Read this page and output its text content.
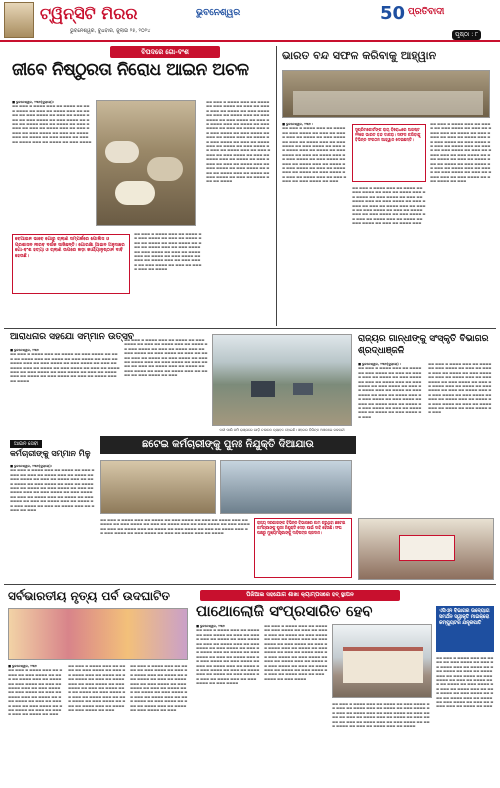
ଟ୍ୱିନ୍‌ସିଟି ମିରର	ଭୁବନେଶ୍ୱର
ଭୁବନେଶ୍ୱର, ବୁଧବାର, ଜୁଲାଇ ୨୫, ୨୦୨୪
50 ପ୍ରତିବାଦୀ
ପୃଷ୍ଠା : ୮
ବିପଦରେ ଗୋ-ବଂଶ
ଜୀବେ ନିଷ୍ଠୁରତା ନିରୋଧ ଆଇନ ଅଚଳ
■ ଭୁବନେଶ୍ୱର, ୨୩ା୭(ବ୍ୟୁରୋ):
▬▬ ▬▬▬ ▬ ▬▬▬▬ ▬▬▬ ▬▬ ▬▬▬▬ ▬▬ ▬▬▬ ▬▬▬▬ ▬▬ ▬▬▬ ▬▬ ▬▬▬▬ ▬▬▬ ▬▬ ▬▬▬▬ ▬▬ ▬▬▬ ▬▬▬▬ ▬▬ ▬▬▬ ▬▬ ▬▬▬▬ ▬▬▬ ▬▬ ▬▬▬ ▬▬▬▬ ▬▬ ▬▬▬ ▬▬▬▬ ▬▬ ▬▬▬ ▬▬ ▬▬▬▬ ▬▬▬ ▬▬ ▬▬▬▬ ▬▬ ▬▬▬ ▬▬▬▬ ▬▬ ▬▬▬ ▬▬ ▬▬▬▬ ▬▬▬ ▬▬ ▬▬▬ ▬▬▬▬ ▬▬ ▬▬▬ ▬▬▬▬ ▬▬ ▬▬▬ ▬▬ ▬▬▬▬ ▬▬▬ ▬▬ ▬▬▬▬ ▬▬ ▬▬▬ ▬▬▬▬ ▬▬ ▬▬▬ ▬▬ ▬▬▬▬ ▬▬▬ ▬▬ ▬▬▬▬ ▬▬ ▬▬▬ ▬▬▬▬
ବେଆଇନ ଭାବେ ଗୋରୁ ଚାଲାଣ ସମ୍ପର୍କରେ ପୋଲିସ ଓ ପ୍ରଶାସନ ନୀରବ ଦର୍ଶକ ସାଜିଛନ୍ତି। ଗୋରକ୍ଷା ଆଇନ ଅନୁସାରେ ଗୋ-ବଂଶ ହତ୍ୟା ଓ ଚାଲାଣ ଉପରେ କଡ଼ା କାର୍ଯ୍ୟାନୁଷ୍ଠାନ ଦାବି ହେଉଛି।
▬▬ ▬▬▬ ▬ ▬▬▬▬ ▬▬▬ ▬▬ ▬▬▬▬ ▬▬ ▬▬▬ ▬▬▬▬ ▬▬ ▬▬▬ ▬▬ ▬▬▬▬ ▬▬▬ ▬▬ ▬▬▬▬ ▬▬ ▬▬▬ ▬▬▬▬ ▬▬ ▬▬▬ ▬▬ ▬▬▬▬ ▬▬▬ ▬▬ ▬▬▬ ▬▬▬▬ ▬▬ ▬▬▬ ▬▬▬▬ ▬▬ ▬▬▬ ▬▬ ▬▬▬▬ ▬▬▬ ▬▬ ▬▬▬▬ ▬▬ ▬▬▬ ▬▬▬▬ ▬▬ ▬▬▬ ▬▬ ▬▬▬▬ ▬▬▬ ▬▬ ▬▬▬ ▬▬▬▬ ▬▬ ▬▬▬ ▬▬▬▬ ▬▬ ▬▬▬ ▬▬ ▬▬▬▬ ▬▬▬ ▬▬ ▬▬▬▬
▬▬ ▬▬▬ ▬ ▬▬▬▬ ▬▬▬ ▬▬ ▬▬▬▬ ▬▬ ▬▬▬ ▬▬▬▬ ▬▬ ▬▬▬ ▬▬ ▬▬▬▬ ▬▬▬ ▬▬ ▬▬▬▬ ▬▬ ▬▬▬ ▬▬▬▬ ▬▬ ▬▬▬ ▬▬ ▬▬▬▬ ▬▬▬ ▬▬ ▬▬▬ ▬▬▬▬ ▬▬ ▬▬▬ ▬▬▬▬ ▬▬ ▬▬▬ ▬▬ ▬▬▬▬ ▬▬▬ ▬▬ ▬▬▬▬ ▬▬ ▬▬▬ ▬▬▬▬ ▬▬ ▬▬▬ ▬▬ ▬▬▬▬ ▬▬▬ ▬▬ ▬▬▬ ▬▬▬▬ ▬▬ ▬▬▬ ▬▬▬▬ ▬▬ ▬▬▬ ▬▬ ▬▬▬▬ ▬▬▬ ▬▬ ▬▬▬▬ ▬▬ ▬▬▬ ▬▬▬▬ ▬▬ ▬▬▬ ▬▬ ▬▬▬▬ ▬▬▬ ▬▬ ▬▬▬▬ ▬▬ ▬▬▬ ▬▬▬▬ ▬▬ ▬▬▬ ▬▬ ▬▬▬▬ ▬▬▬ ▬▬ ▬▬▬ ▬▬▬▬ ▬▬ ▬▬▬ ▬▬▬▬ ▬▬ ▬▬▬ ▬▬ ▬▬▬▬ ▬▬▬ ▬▬ ▬▬▬▬ ▬▬ ▬▬▬ ▬▬▬▬ ▬▬ ▬▬▬ ▬▬ ▬▬▬▬ ▬▬▬ ▬▬ ▬▬▬ ▬▬▬▬ ▬▬ ▬▬▬ ▬▬▬▬ ▬▬ ▬▬▬ ▬▬ ▬▬▬▬ ▬▬▬ ▬▬ ▬▬▬▬ ▬▬ ▬▬▬ ▬▬▬▬ ▬▬ ▬▬▬ ▬▬ ▬▬▬▬ ▬▬▬ ▬▬ ▬▬▬▬
ଭାରତ ବନ୍ଦ ସଫଳ କରିବାକୁ ଆହ୍ୱାନ
■ ଭୁବନେଶ୍ୱର, ୨୩ା୭ :
▬▬ ▬▬▬ ▬ ▬▬▬▬ ▬▬▬ ▬▬ ▬▬▬▬ ▬▬ ▬▬▬ ▬▬▬▬ ▬▬ ▬▬▬ ▬▬ ▬▬▬▬ ▬▬▬ ▬▬ ▬▬▬▬ ▬▬ ▬▬▬ ▬▬▬▬ ▬▬ ▬▬▬ ▬▬ ▬▬▬▬ ▬▬▬ ▬▬ ▬▬▬ ▬▬▬▬ ▬▬ ▬▬▬ ▬▬▬▬ ▬▬ ▬▬▬ ▬▬ ▬▬▬▬ ▬▬▬ ▬▬ ▬▬▬▬ ▬▬ ▬▬▬ ▬▬▬▬ ▬▬ ▬▬▬ ▬▬ ▬▬▬▬ ▬▬▬ ▬▬ ▬▬▬ ▬▬▬▬ ▬▬ ▬▬▬ ▬▬▬▬ ▬▬ ▬▬▬ ▬▬ ▬▬▬▬ ▬▬▬ ▬▬ ▬▬▬▬ ▬▬ ▬▬▬ ▬▬▬▬ ▬▬ ▬▬▬ ▬▬ ▬▬▬▬ ▬▬▬ ▬▬ ▬▬▬▬ ▬▬ ▬▬▬ ▬▬▬▬ ▬▬ ▬▬▬ ▬▬ ▬▬▬▬ ▬▬▬ ▬▬ ▬▬▬ ▬▬▬▬ ▬▬ ▬▬▬ ▬▬▬▬ ▬▬ ▬▬▬
ସୁପ୍ରିମକୋର୍ଟଙ୍କ ରାୟ ବିରୋଧରେ ଅଗଷ୍ଟ ୨୧ରେ ଭାରତ ବନ୍ଦ ଡାକରା। ସଫଳ କରିବାକୁ ବିଭିନ୍ନ ସଂଗଠନ ଆହ୍ୱାନ ଦେଇଛନ୍ତି।
▬▬ ▬▬▬ ▬ ▬▬▬▬ ▬▬▬ ▬▬ ▬▬▬▬ ▬▬ ▬▬▬ ▬▬▬▬ ▬▬ ▬▬▬ ▬▬ ▬▬▬▬ ▬▬▬ ▬▬ ▬▬▬▬ ▬▬ ▬▬▬ ▬▬▬▬ ▬▬ ▬▬▬ ▬▬ ▬▬▬▬ ▬▬▬ ▬▬ ▬▬▬ ▬▬▬▬ ▬▬ ▬▬▬ ▬▬▬▬ ▬▬ ▬▬▬ ▬▬ ▬▬▬▬ ▬▬▬ ▬▬ ▬▬▬▬ ▬▬ ▬▬▬ ▬▬▬▬ ▬▬ ▬▬▬ ▬▬ ▬▬▬▬ ▬▬▬ ▬▬ ▬▬▬ ▬▬▬▬ ▬▬ ▬▬▬ ▬▬▬▬ ▬▬ ▬▬▬ ▬▬ ▬▬▬▬ ▬▬▬ ▬▬ ▬▬▬▬ ▬▬ ▬▬▬ ▬▬▬▬ ▬▬ ▬▬▬ ▬▬ ▬▬▬▬ ▬▬▬
▬▬ ▬▬▬ ▬ ▬▬▬▬ ▬▬▬ ▬▬ ▬▬▬▬ ▬▬ ▬▬▬ ▬▬▬▬ ▬▬ ▬▬▬ ▬▬ ▬▬▬▬ ▬▬▬ ▬▬ ▬▬▬▬ ▬▬ ▬▬▬ ▬▬▬▬ ▬▬ ▬▬▬ ▬▬ ▬▬▬▬ ▬▬▬ ▬▬ ▬▬▬ ▬▬▬▬ ▬▬ ▬▬▬ ▬▬▬▬ ▬▬ ▬▬▬ ▬▬ ▬▬▬▬ ▬▬▬ ▬▬ ▬▬▬▬ ▬▬ ▬▬▬ ▬▬▬▬ ▬▬ ▬▬▬ ▬▬ ▬▬▬▬ ▬▬▬ ▬▬ ▬▬▬ ▬▬▬▬ ▬▬ ▬▬▬ ▬▬▬▬ ▬▬ ▬▬▬ ▬▬ ▬▬▬▬ ▬▬▬ ▬▬ ▬▬▬▬ ▬▬ ▬▬▬ ▬▬▬▬ ▬▬ ▬▬▬ ▬▬ ▬▬▬▬ ▬▬▬ ▬▬ ▬▬▬▬ ▬▬ ▬▬▬ ▬▬▬▬ ▬▬ ▬▬▬ ▬▬ ▬▬▬▬ ▬▬▬ ▬▬ ▬▬▬ ▬▬▬▬ ▬▬ ▬▬▬ ▬▬▬▬ ▬▬ ▬▬▬
ଆରାଧନାର ସହଯୋ ସମ୍ମାନ ଉତ୍ସବ
■ ଭୁବନେଶ୍ୱର, ୨୩ା୭
▬▬ ▬▬▬ ▬ ▬▬▬▬ ▬▬▬ ▬▬ ▬▬▬▬ ▬▬ ▬▬▬ ▬▬▬▬ ▬▬ ▬▬▬ ▬▬ ▬▬▬▬ ▬▬▬ ▬▬ ▬▬▬▬ ▬▬ ▬▬▬ ▬▬▬▬ ▬▬ ▬▬▬ ▬▬ ▬▬▬▬ ▬▬▬ ▬▬ ▬▬▬ ▬▬▬▬ ▬▬ ▬▬▬ ▬▬▬▬ ▬▬ ▬▬▬ ▬▬ ▬▬▬▬ ▬▬▬ ▬▬ ▬▬▬▬ ▬▬ ▬▬▬ ▬▬▬▬ ▬▬ ▬▬▬ ▬▬ ▬▬▬▬ ▬▬▬ ▬▬ ▬▬▬ ▬▬▬▬ ▬▬ ▬▬▬ ▬▬▬▬ ▬▬ ▬▬▬ ▬▬ ▬▬▬▬ ▬▬▬ ▬▬ ▬▬▬▬ ▬▬ ▬▬▬ ▬▬▬▬ ▬▬ ▬▬▬ ▬▬ ▬▬▬▬ ▬▬▬ ▬▬ ▬▬▬▬
▬▬ ▬▬▬ ▬ ▬▬▬▬ ▬▬▬ ▬▬ ▬▬▬▬ ▬▬ ▬▬▬ ▬▬▬▬ ▬▬ ▬▬▬ ▬▬ ▬▬▬▬ ▬▬▬ ▬▬ ▬▬▬▬ ▬▬ ▬▬▬ ▬▬▬▬ ▬▬ ▬▬▬ ▬▬ ▬▬▬▬ ▬▬▬ ▬▬ ▬▬▬ ▬▬▬▬ ▬▬ ▬▬▬ ▬▬▬▬ ▬▬ ▬▬▬ ▬▬ ▬▬▬▬ ▬▬▬ ▬▬ ▬▬▬▬ ▬▬ ▬▬▬ ▬▬▬▬ ▬▬ ▬▬▬ ▬▬ ▬▬▬▬ ▬▬▬ ▬▬ ▬▬▬ ▬▬▬▬ ▬▬ ▬▬▬ ▬▬▬▬ ▬▬ ▬▬▬ ▬▬ ▬▬▬▬ ▬▬▬ ▬▬ ▬▬▬▬ ▬▬ ▬▬▬ ▬▬▬▬ ▬▬ ▬▬▬ ▬▬ ▬▬▬▬ ▬▬▬ ▬▬ ▬▬▬▬ ▬▬ ▬▬▬ ▬▬▬▬ ▬▬ ▬▬▬
ନଦୀ ପାଣି ଜମି ରାସ୍ତାରେ ଗାଡ଼ି ଚଳାଚଳ ବ୍ୟାହତ ହୋଇଛି। ସହରର ବିଭିନ୍ନ ଅଞ୍ଚଳରେ ଜଳବନ୍ଦୀ
ରାଜ୍ୟର ଗାନ୍ଧୀଙ୍କୁ ସଂସ୍କୃତି ବିଭାଗର ଶ୍ରଦ୍ଧାଞ୍ଜଳି
■ ଭୁବନେଶ୍ୱର, ୨୩ା୭(ବ୍ୟୁରୋ) :
▬▬ ▬▬▬ ▬ ▬▬▬▬ ▬▬▬ ▬▬ ▬▬▬▬ ▬▬ ▬▬▬ ▬▬▬▬ ▬▬ ▬▬▬ ▬▬ ▬▬▬▬ ▬▬▬ ▬▬ ▬▬▬▬ ▬▬ ▬▬▬ ▬▬▬▬ ▬▬ ▬▬▬ ▬▬ ▬▬▬▬ ▬▬▬ ▬▬ ▬▬▬ ▬▬▬▬ ▬▬ ▬▬▬ ▬▬▬▬ ▬▬ ▬▬▬ ▬▬ ▬▬▬▬ ▬▬▬ ▬▬ ▬▬▬▬ ▬▬ ▬▬▬ ▬▬▬▬ ▬▬ ▬▬▬ ▬▬ ▬▬▬▬ ▬▬▬ ▬▬ ▬▬▬ ▬▬▬▬ ▬▬ ▬▬▬ ▬▬▬▬ ▬▬ ▬▬▬ ▬▬ ▬▬▬▬ ▬▬▬ ▬▬ ▬▬▬▬ ▬▬ ▬▬▬ ▬▬▬▬ ▬▬ ▬▬▬ ▬▬ ▬▬▬▬ ▬▬▬ ▬▬ ▬▬▬▬ ▬▬ ▬▬▬ ▬▬▬▬ ▬▬ ▬▬▬
▬▬ ▬▬▬ ▬ ▬▬▬▬ ▬▬▬ ▬▬ ▬▬▬▬ ▬▬ ▬▬▬ ▬▬▬▬ ▬▬ ▬▬▬ ▬▬ ▬▬▬▬ ▬▬▬ ▬▬ ▬▬▬▬ ▬▬ ▬▬▬ ▬▬▬▬ ▬▬ ▬▬▬ ▬▬ ▬▬▬▬ ▬▬▬ ▬▬ ▬▬▬ ▬▬▬▬ ▬▬ ▬▬▬ ▬▬▬▬ ▬▬ ▬▬▬ ▬▬ ▬▬▬▬ ▬▬▬ ▬▬ ▬▬▬▬ ▬▬ ▬▬▬ ▬▬▬▬ ▬▬ ▬▬▬ ▬▬ ▬▬▬▬ ▬▬▬ ▬▬ ▬▬▬ ▬▬▬▬ ▬▬ ▬▬▬ ▬▬▬▬ ▬▬ ▬▬▬ ▬▬ ▬▬▬▬ ▬▬▬ ▬▬ ▬▬▬▬ ▬▬ ▬▬▬ ▬▬▬▬ ▬▬ ▬▬▬ ▬▬ ▬▬▬▬ ▬▬▬ ▬▬ ▬▬▬▬ ▬▬ ▬▬▬ ▬▬▬▬ ▬▬ ▬▬▬
ଛଟେଇ କର୍ମଚାରୀଙ୍କୁ ପୁନଃ ନିଯୁକ୍ତି ଦିଆଯାଉ
ଆଇନ ସେବୀ
କର୍ମଚାରୀଙ୍କୁ ସମ୍ମାନ ମିଳୁ
■ ଭୁବନେଶ୍ୱର, ୨୩ା୭(ବ୍ୟୁରୋ):
▬▬ ▬▬▬ ▬ ▬▬▬▬ ▬▬▬ ▬▬ ▬▬▬▬ ▬▬ ▬▬▬ ▬▬▬▬ ▬▬ ▬▬▬ ▬▬ ▬▬▬▬ ▬▬▬ ▬▬ ▬▬▬▬ ▬▬ ▬▬▬ ▬▬▬▬ ▬▬ ▬▬▬ ▬▬ ▬▬▬▬ ▬▬▬ ▬▬ ▬▬▬ ▬▬▬▬ ▬▬ ▬▬▬ ▬▬▬▬ ▬▬ ▬▬▬ ▬▬ ▬▬▬▬ ▬▬▬ ▬▬ ▬▬▬▬ ▬▬ ▬▬▬ ▬▬▬▬ ▬▬ ▬▬▬ ▬▬ ▬▬▬▬ ▬▬▬ ▬▬ ▬▬▬ ▬▬▬▬ ▬▬ ▬▬▬ ▬▬▬▬ ▬▬ ▬▬▬ ▬▬ ▬▬▬▬ ▬▬▬ ▬▬ ▬▬▬▬ ▬▬ ▬▬▬ ▬▬▬▬ ▬▬ ▬▬▬ ▬▬ ▬▬▬▬ ▬▬▬ ▬▬ ▬▬▬▬ ▬▬ ▬▬▬ ▬▬▬▬ ▬▬ ▬▬▬ ▬▬ ▬▬▬▬ ▬▬▬ ▬▬ ▬▬▬▬ ▬▬ ▬▬▬
▬▬ ▬▬▬ ▬ ▬▬▬▬ ▬▬▬ ▬▬ ▬▬▬▬ ▬▬ ▬▬▬ ▬▬▬▬ ▬▬ ▬▬▬ ▬▬ ▬▬▬▬ ▬▬▬ ▬▬ ▬▬▬▬ ▬▬ ▬▬▬ ▬▬▬▬ ▬▬ ▬▬▬ ▬▬ ▬▬▬▬ ▬▬▬ ▬▬ ▬▬▬ ▬▬▬▬ ▬▬ ▬▬▬ ▬▬▬▬ ▬▬ ▬▬▬ ▬▬ ▬▬▬▬ ▬▬▬ ▬▬ ▬▬▬▬ ▬▬ ▬▬▬ ▬▬▬▬ ▬▬ ▬▬▬ ▬▬ ▬▬▬▬ ▬▬▬ ▬▬ ▬▬▬ ▬▬▬▬ ▬▬ ▬▬▬ ▬▬▬▬ ▬▬ ▬▬▬ ▬▬ ▬▬▬▬ ▬▬▬ ▬▬ ▬▬▬▬
ରାଜ୍ୟ ସରକାରଙ୍କ ବିଭିନ୍ନ ବିଭାଗରେ କାମ କରୁଥିବା ଛଟେଇ କର୍ମଚାରୀଙ୍କୁ ପୁନଃ ନିଯୁକ୍ତି ଦେବା ପାଇଁ ଦାବି ହେଉଛି। ସଂଘ ପକ୍ଷରୁ ମୁଖ୍ୟମନ୍ତ୍ରୀଙ୍କୁ ଦାବିପତ୍ର ପ୍ରଦାନ।
ସର୍ବଭାରତୀୟ ନୃତ୍ୟ ପର୍ବ ଉଦଘାଟିତ
■ ଭୁବନେଶ୍ୱର, ୨୩ା୭
▬▬ ▬▬▬ ▬ ▬▬▬▬ ▬▬▬ ▬▬ ▬▬▬▬ ▬▬ ▬▬▬ ▬▬▬▬ ▬▬ ▬▬▬ ▬▬ ▬▬▬▬ ▬▬▬ ▬▬ ▬▬▬▬ ▬▬ ▬▬▬ ▬▬▬▬ ▬▬ ▬▬▬ ▬▬ ▬▬▬▬ ▬▬▬ ▬▬ ▬▬▬ ▬▬▬▬ ▬▬ ▬▬▬ ▬▬▬▬ ▬▬ ▬▬▬ ▬▬ ▬▬▬▬ ▬▬▬ ▬▬ ▬▬▬▬ ▬▬ ▬▬▬ ▬▬▬▬ ▬▬ ▬▬▬ ▬▬ ▬▬▬▬ ▬▬▬ ▬▬ ▬▬▬ ▬▬▬▬ ▬▬ ▬▬▬ ▬▬▬▬ ▬▬ ▬▬▬ ▬▬ ▬▬▬▬ ▬▬▬ ▬▬ ▬▬▬▬ ▬▬ ▬▬▬
▬▬ ▬▬▬ ▬ ▬▬▬▬ ▬▬▬ ▬▬ ▬▬▬▬ ▬▬ ▬▬▬ ▬▬▬▬ ▬▬ ▬▬▬ ▬▬ ▬▬▬▬ ▬▬▬ ▬▬ ▬▬▬▬ ▬▬ ▬▬▬ ▬▬▬▬ ▬▬ ▬▬▬ ▬▬ ▬▬▬▬ ▬▬▬ ▬▬ ▬▬▬ ▬▬▬▬ ▬▬ ▬▬▬ ▬▬▬▬ ▬▬ ▬▬▬ ▬▬ ▬▬▬▬ ▬▬▬ ▬▬ ▬▬▬▬ ▬▬ ▬▬▬ ▬▬▬▬ ▬▬ ▬▬▬ ▬▬ ▬▬▬▬ ▬▬▬ ▬▬ ▬▬▬ ▬▬▬▬ ▬▬ ▬▬▬ ▬▬▬▬ ▬▬ ▬▬▬ ▬▬ ▬▬▬▬ ▬▬▬ ▬▬ ▬▬▬▬ ▬▬ ▬▬▬ ▬▬▬▬ ▬▬ ▬▬▬
▬▬ ▬▬▬ ▬ ▬▬▬▬ ▬▬▬ ▬▬ ▬▬▬▬ ▬▬ ▬▬▬ ▬▬▬▬ ▬▬ ▬▬▬ ▬▬ ▬▬▬▬ ▬▬▬ ▬▬ ▬▬▬▬ ▬▬ ▬▬▬ ▬▬▬▬ ▬▬ ▬▬▬ ▬▬ ▬▬▬▬ ▬▬▬ ▬▬ ▬▬▬ ▬▬▬▬ ▬▬ ▬▬▬ ▬▬▬▬ ▬▬ ▬▬▬ ▬▬ ▬▬▬▬ ▬▬▬ ▬▬ ▬▬▬▬ ▬▬ ▬▬▬ ▬▬▬▬ ▬▬ ▬▬▬ ▬▬ ▬▬▬▬ ▬▬▬ ▬▬ ▬▬▬ ▬▬▬▬ ▬▬ ▬▬▬ ▬▬▬▬ ▬▬ ▬▬▬ ▬▬ ▬▬▬▬ ▬▬▬ ▬▬ ▬▬▬▬ ▬▬ ▬▬▬ ▬▬▬▬ ▬▬ ▬▬▬
ପିଜିଆଇ ସହଯୋଗ ଶାଖା କ୍ୟାମ୍ପସରେ ହବ୍ ସ୍ଥାପନ
ପାଥୋଲୋଜି ସଂପ୍ରସାରିତ ହେବ
■ ଭୁବନେଶ୍ୱର, ୨୩ା୭
▬▬ ▬▬▬ ▬ ▬▬▬▬ ▬▬▬ ▬▬ ▬▬▬▬ ▬▬ ▬▬▬ ▬▬▬▬ ▬▬ ▬▬▬ ▬▬ ▬▬▬▬ ▬▬▬ ▬▬ ▬▬▬▬ ▬▬ ▬▬▬ ▬▬▬▬ ▬▬ ▬▬▬ ▬▬ ▬▬▬▬ ▬▬▬ ▬▬ ▬▬▬ ▬▬▬▬ ▬▬ ▬▬▬ ▬▬▬▬ ▬▬ ▬▬▬ ▬▬ ▬▬▬▬ ▬▬▬ ▬▬ ▬▬▬▬ ▬▬ ▬▬▬ ▬▬▬▬ ▬▬ ▬▬▬ ▬▬ ▬▬▬▬ ▬▬▬ ▬▬ ▬▬▬ ▬▬▬▬ ▬▬ ▬▬▬ ▬▬▬▬ ▬▬ ▬▬▬ ▬▬ ▬▬▬▬ ▬▬▬ ▬▬ ▬▬▬▬ ▬▬ ▬▬▬ ▬▬▬▬ ▬▬ ▬▬▬ ▬▬ ▬▬▬▬ ▬▬▬ ▬▬ ▬▬▬▬ ▬▬ ▬▬▬ ▬▬▬▬ ▬▬ ▬▬▬ ▬▬ ▬▬▬▬ ▬▬▬ ▬▬ ▬▬▬ ▬▬▬▬ ▬▬ ▬▬▬ ▬▬▬▬
▬▬ ▬▬▬ ▬ ▬▬▬▬ ▬▬▬ ▬▬ ▬▬▬▬ ▬▬ ▬▬▬ ▬▬▬▬ ▬▬ ▬▬▬ ▬▬ ▬▬▬▬ ▬▬▬ ▬▬ ▬▬▬▬ ▬▬ ▬▬▬ ▬▬▬▬ ▬▬ ▬▬▬ ▬▬ ▬▬▬▬ ▬▬▬ ▬▬ ▬▬▬ ▬▬▬▬ ▬▬ ▬▬▬ ▬▬▬▬ ▬▬ ▬▬▬ ▬▬ ▬▬▬▬ ▬▬▬ ▬▬ ▬▬▬▬ ▬▬ ▬▬▬ ▬▬▬▬ ▬▬ ▬▬▬ ▬▬ ▬▬▬▬ ▬▬▬ ▬▬ ▬▬▬ ▬▬▬▬ ▬▬ ▬▬▬ ▬▬▬▬ ▬▬ ▬▬▬ ▬▬ ▬▬▬▬ ▬▬▬ ▬▬ ▬▬▬▬ ▬▬ ▬▬▬ ▬▬▬▬ ▬▬ ▬▬▬ ▬▬ ▬▬▬▬ ▬▬▬ ▬▬ ▬▬▬▬ ▬▬ ▬▬▬ ▬▬▬▬ ▬▬ ▬▬▬ ▬▬ ▬▬▬▬ ▬▬▬ ▬▬ ▬▬▬ ▬▬▬▬ ▬▬ ▬▬▬ ▬▬▬▬
▬▬ ▬▬▬ ▬ ▬▬▬▬ ▬▬▬ ▬▬ ▬▬▬▬ ▬▬ ▬▬▬ ▬▬▬▬ ▬▬ ▬▬▬ ▬▬ ▬▬▬▬ ▬▬▬ ▬▬ ▬▬▬▬ ▬▬ ▬▬▬ ▬▬▬▬ ▬▬ ▬▬▬ ▬▬ ▬▬▬▬ ▬▬▬ ▬▬ ▬▬▬ ▬▬▬▬ ▬▬ ▬▬▬ ▬▬▬▬ ▬▬ ▬▬▬ ▬▬ ▬▬▬▬ ▬▬▬ ▬▬ ▬▬▬▬ ▬▬ ▬▬▬ ▬▬▬▬ ▬▬ ▬▬▬ ▬▬ ▬▬▬▬ ▬▬▬ ▬▬ ▬▬▬ ▬▬▬▬ ▬▬ ▬▬▬ ▬▬▬▬ ▬▬ ▬▬▬ ▬▬ ▬▬▬▬ ▬▬▬ ▬▬ ▬▬▬▬
ଏସିଏନ ବିଭାଗର ଉଦ୍ୟୋଗ ସମର୍ଥନ ସ୍ୱୀକୃତି ମାଇକ୍ରୋ କମ୍ପ୍ୟୁଟର ଯନ୍ତ୍ରପାତି
▬▬ ▬▬▬ ▬ ▬▬▬▬ ▬▬▬ ▬▬ ▬▬▬▬ ▬▬ ▬▬▬ ▬▬▬▬ ▬▬ ▬▬▬ ▬▬ ▬▬▬▬ ▬▬▬ ▬▬ ▬▬▬▬ ▬▬ ▬▬▬ ▬▬▬▬ ▬▬ ▬▬▬ ▬▬ ▬▬▬▬ ▬▬▬ ▬▬ ▬▬▬ ▬▬▬▬ ▬▬ ▬▬▬ ▬▬▬▬ ▬▬ ▬▬▬ ▬▬ ▬▬▬▬ ▬▬▬ ▬▬ ▬▬▬▬ ▬▬ ▬▬▬ ▬▬▬▬ ▬▬ ▬▬▬ ▬▬ ▬▬▬▬ ▬▬▬ ▬▬ ▬▬▬ ▬▬▬▬ ▬▬ ▬▬▬ ▬▬▬▬ ▬▬ ▬▬▬ ▬▬ ▬▬▬▬ ▬▬▬ ▬▬ ▬▬▬▬ ▬▬ ▬▬▬ ▬▬▬▬ ▬▬ ▬▬▬ ▬▬ ▬▬▬▬ ▬▬▬ ▬▬ ▬▬▬▬ ▬▬ ▬▬▬
